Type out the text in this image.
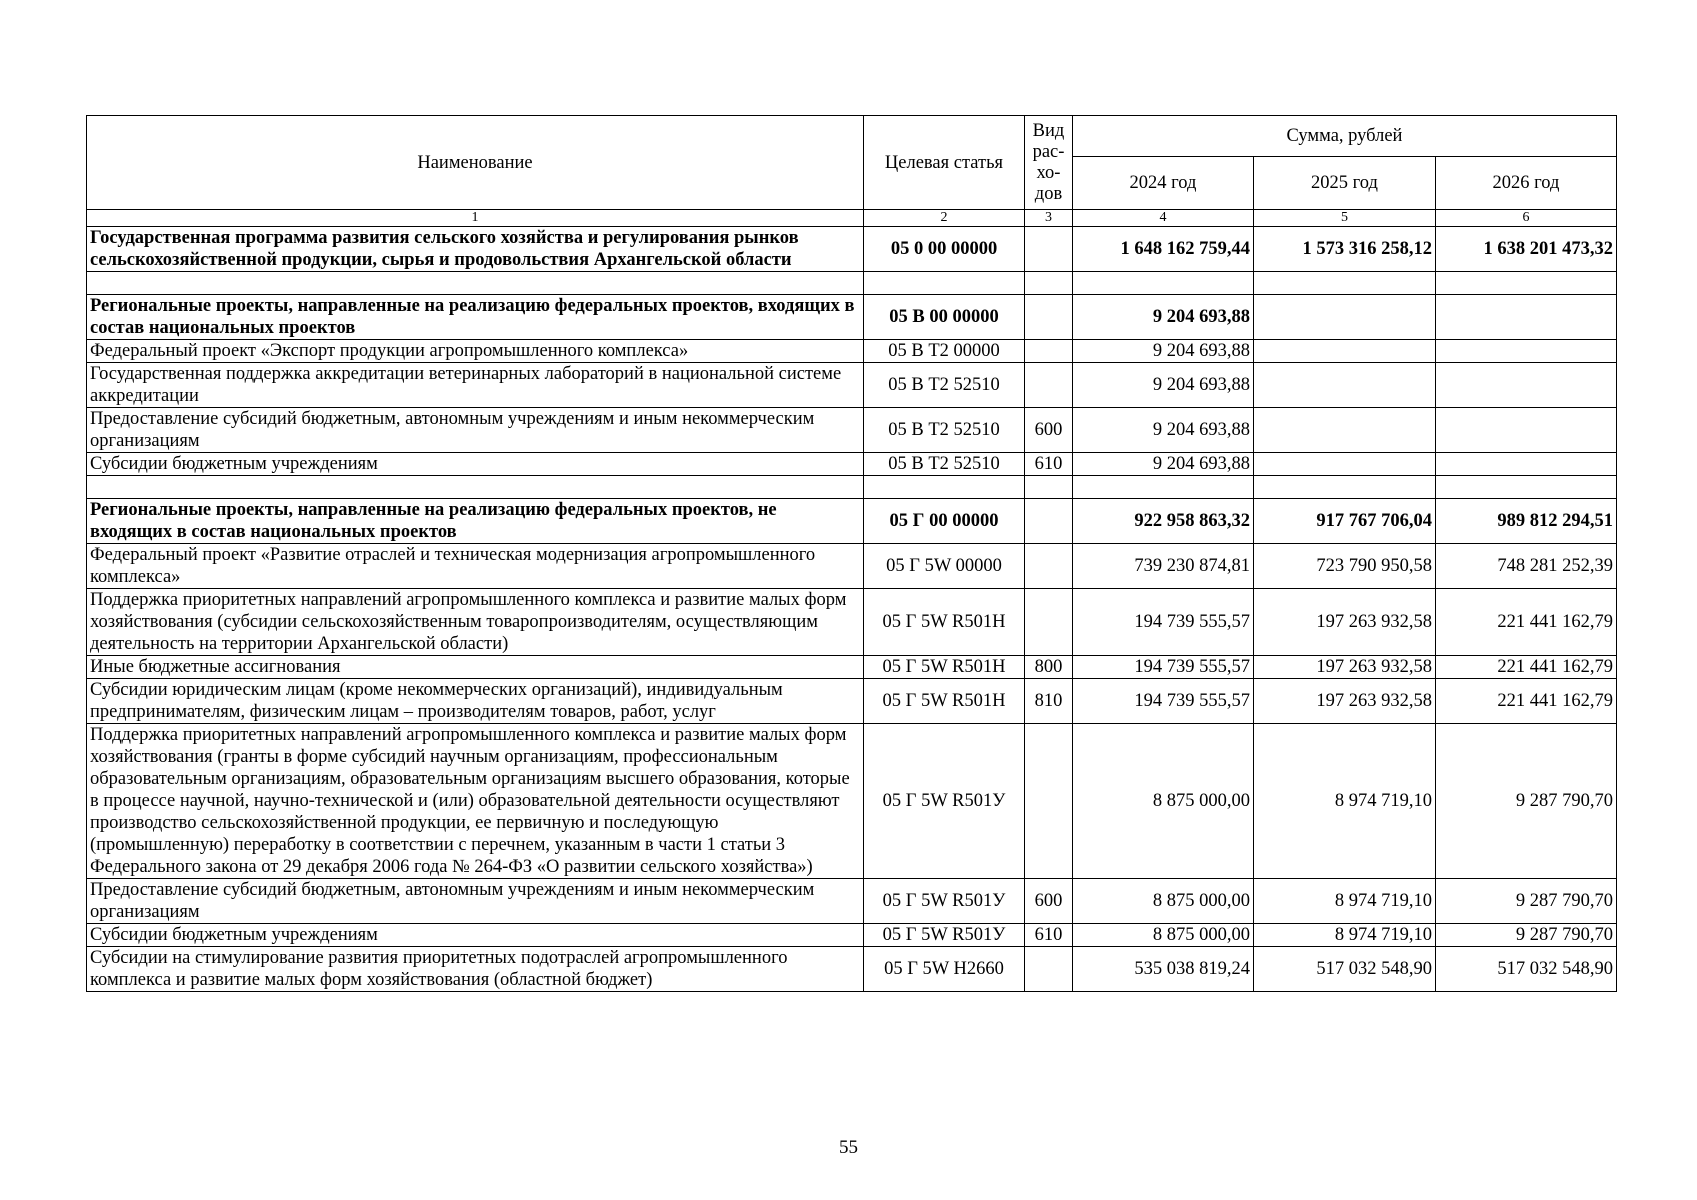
Наименование	Целевая статья	Вид рас-хо-дов	Сумма, рублей		
			2024 год	2025 год	2026 год
1	2	3	4	5	6
Государственная программа развития сельского хозяйства и регулирования рынков сельскохозяйственной продукции, сырья и продовольствия Архангельской области	05 0 00 00000		1 648 162 759,44	1 573 316 258,12	1 638 201 473,32

Региональные проекты, направленные на реализацию федеральных проектов, входящих в состав национальных проектов	05 В 00 00000		9 204 693,88		
Федеральный проект «Экспорт продукции агропромышленного комплекса»	05 В Т2 00000		9 204 693,88		
Государственная поддержка аккредитации ветеринарных лабораторий в национальной системе аккредитации	05 В Т2 52510		9 204 693,88		
Предоставление субсидий бюджетным, автономным учреждениям и иным некоммерческим организациям	05 В Т2 52510	600	9 204 693,88		
Субсидии бюджетным учреждениям	05 В Т2 52510	610	9 204 693,88		

Региональные проекты, направленные на реализацию федеральных проектов, не входящих в состав национальных проектов	05 Г 00 00000		922 958 863,32	917 767 706,04	989 812 294,51
Федеральный проект «Развитие отраслей и техническая модернизация агропромышленного комплекса»	05 Г 5W 00000		739 230 874,81	723 790 950,58	748 281 252,39
Поддержка приоритетных направлений агропромышленного комплекса и развитие малых форм хозяйствования (субсидии сельскохозяйственным товаропроизводителям, осуществляющим деятельность на территории Архангельской области)	05 Г 5W R501Н		194 739 555,57	197 263 932,58	221 441 162,79
Иные бюджетные ассигнования	05 Г 5W R501Н	800	194 739 555,57	197 263 932,58	221 441 162,79
Субсидии юридическим лицам (кроме некоммерческих организаций), индивидуальным предпринимателям, физическим лицам – производителям товаров, работ, услуг	05 Г 5W R501Н	810	194 739 555,57	197 263 932,58	221 441 162,79
Поддержка приоритетных направлений агропромышленного комплекса и развитие малых форм хозяйствования (гранты в форме субсидий научным организациям, профессиональным образовательным организациям, образовательным организациям высшего образования, которые в процессе научной, научно-технической и (или) образовательной деятельности осуществляют производство сельскохозяйственной продукции, ее первичную и последующую (промышленную) переработку в соответствии с перечнем, указанным в части 1 статьи 3 Федерального закона от 29 декабря 2006 года № 264-ФЗ «О развитии сельского хозяйства»)	05 Г 5W R501У		8 875 000,00	8 974 719,10	9 287 790,70
Предоставление субсидий бюджетным, автономным учреждениям и иным некоммерческим организациям	05 Г 5W R501У	600	8 875 000,00	8 974 719,10	9 287 790,70
Субсидии бюджетным учреждениям	05 Г 5W R501У	610	8 875 000,00	8 974 719,10	9 287 790,70
Субсидии на стимулирование развития приоритетных подотраслей агропромышленного комплекса и развитие малых форм хозяйствования (областной бюджет)	05 Г 5W Н2660		535 038 819,24	517 032 548,90	517 032 548,90
55
